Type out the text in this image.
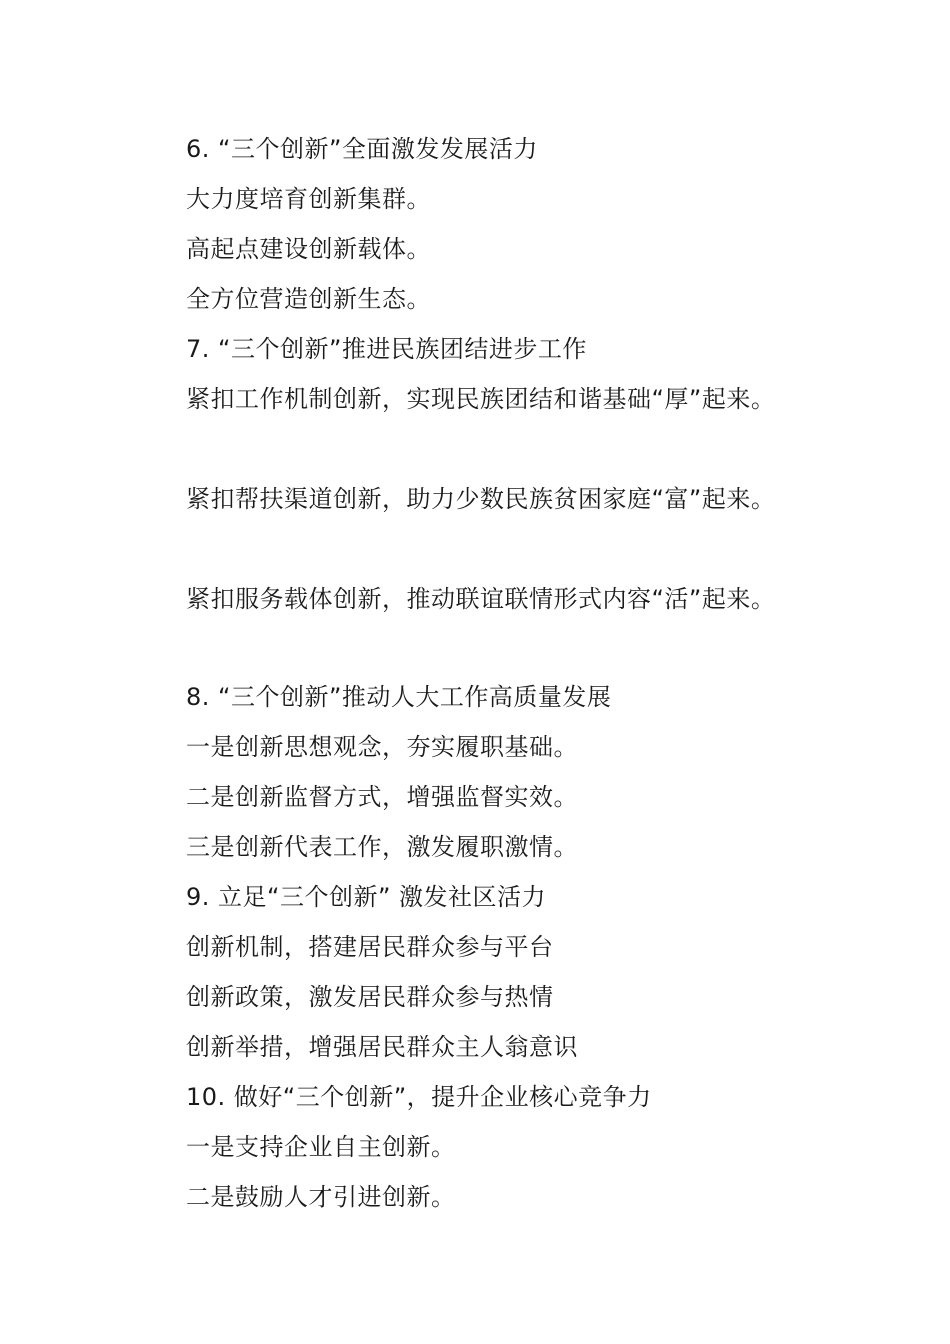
6. “三个创新”全面激发发展活力

大力度培育创新集群。

高起点建设创新载体。

全方位营造创新生态。

7. “三个创新”推进民族团结进步工作

紧扣工作机制创新，实现民族团结和谐基础“厚”起来。

紧扣帮扶渠道创新，助力少数民族贫困家庭“富”起来。

紧扣服务载体创新，推动联谊联情形式内容“活”起来。

8. “三个创新”推动人大工作高质量发展

一是创新思想观念，夯实履职基础。

二是创新监督方式，增强监督实效。

三是创新代表工作，激发履职激情。

9. 立足“三个创新” 激发社区活力

创新机制，搭建居民群众参与平台

创新政策，激发居民群众参与热情

创新举措，增强居民群众主人翁意识

10. 做好“三个创新”，提升企业核心竞争力

一是支持企业自主创新。

二是鼓励人才引进创新。
